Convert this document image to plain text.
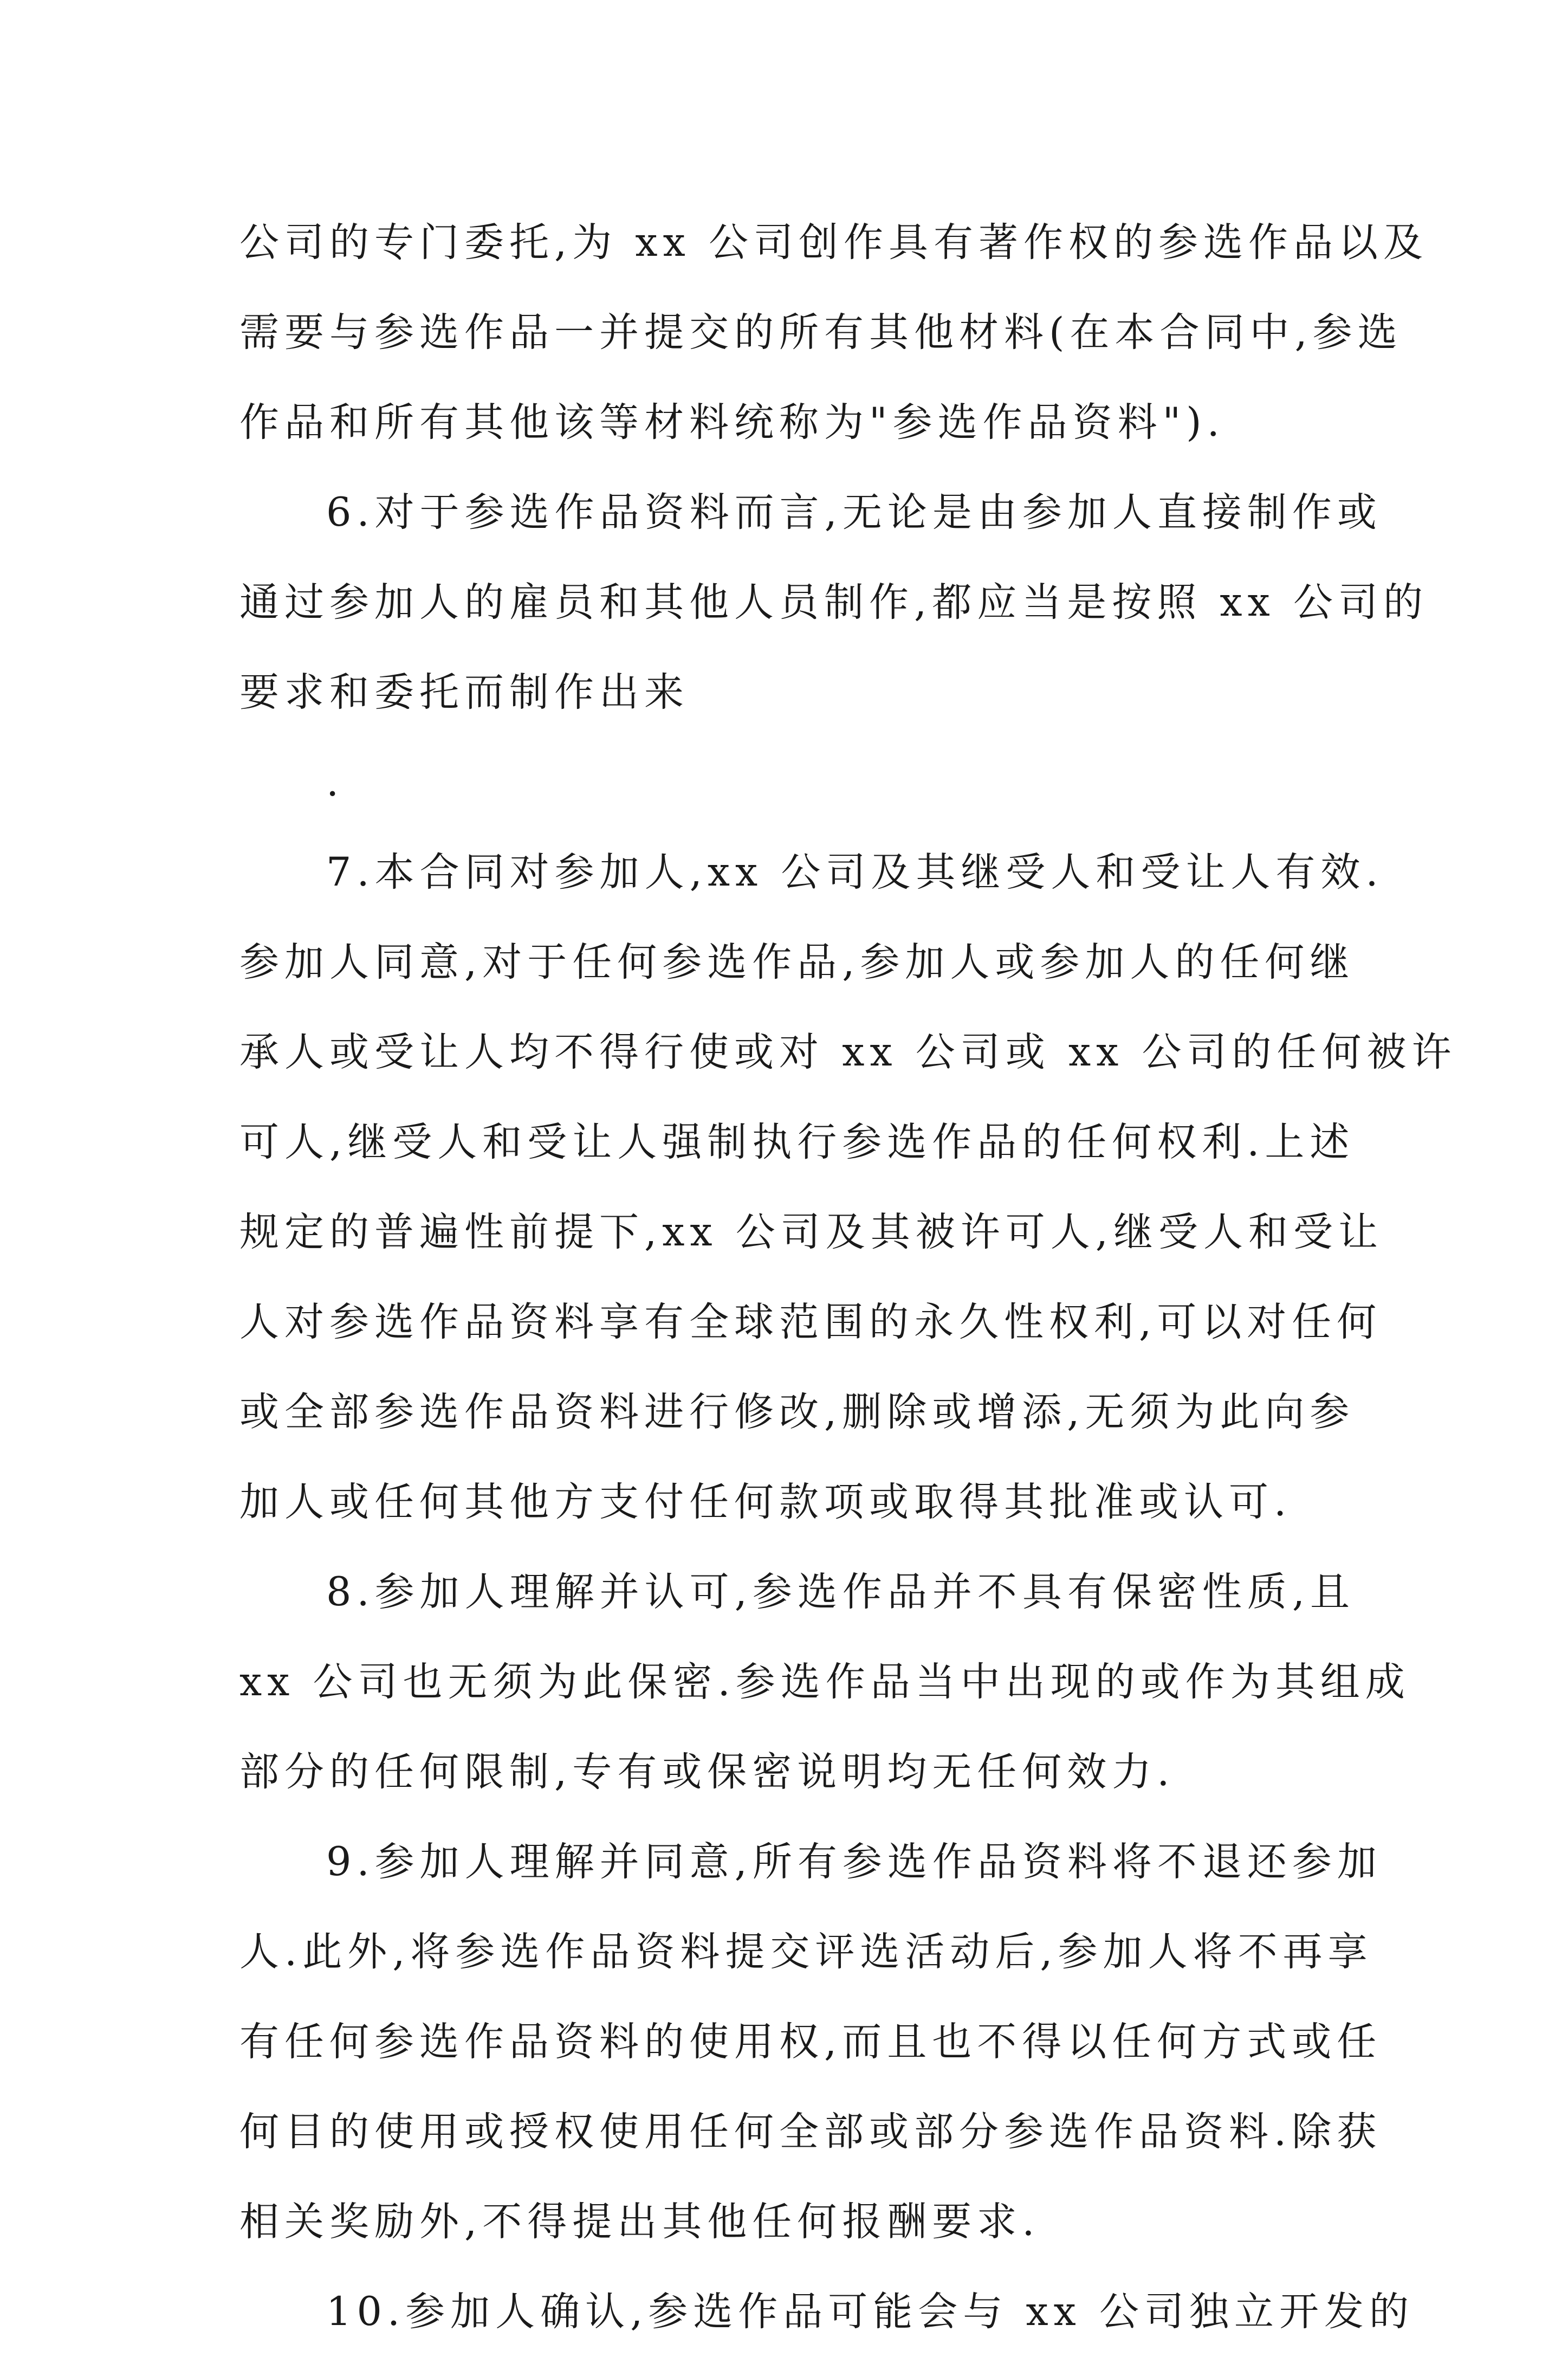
公司的专门委托,为 xx 公司创作具有著作权的参选作品以及
需要与参选作品一并提交的所有其他材料(在本合同中,参选
作品和所有其他该等材料统称为"参选作品资料").
6.对于参选作品资料而言,无论是由参加人直接制作或
通过参加人的雇员和其他人员制作,都应当是按照 xx 公司的
要求和委托而制作出来
.
7.本合同对参加人,xx 公司及其继受人和受让人有效.
参加人同意,对于任何参选作品,参加人或参加人的任何继
承人或受让人均不得行使或对 xx 公司或 xx 公司的任何被许
可人,继受人和受让人强制执行参选作品的任何权利.上述
规定的普遍性前提下,xx 公司及其被许可人,继受人和受让
人对参选作品资料享有全球范围的永久性权利,可以对任何
或全部参选作品资料进行修改,删除或增添,无须为此向参
加人或任何其他方支付任何款项或取得其批准或认可.
8.参加人理解并认可,参选作品并不具有保密性质,且
xx 公司也无须为此保密.参选作品当中出现的或作为其组成
部分的任何限制,专有或保密说明均无任何效力.
9.参加人理解并同意,所有参选作品资料将不退还参加
人.此外,将参选作品资料提交评选活动后,参加人将不再享
有任何参选作品资料的使用权,而且也不得以任何方式或任
何目的使用或授权使用任何全部或部分参选作品资料.除获
相关奖励外,不得提出其他任何报酬要求.
10.参加人确认,参选作品可能会与 xx 公司独立开发的
